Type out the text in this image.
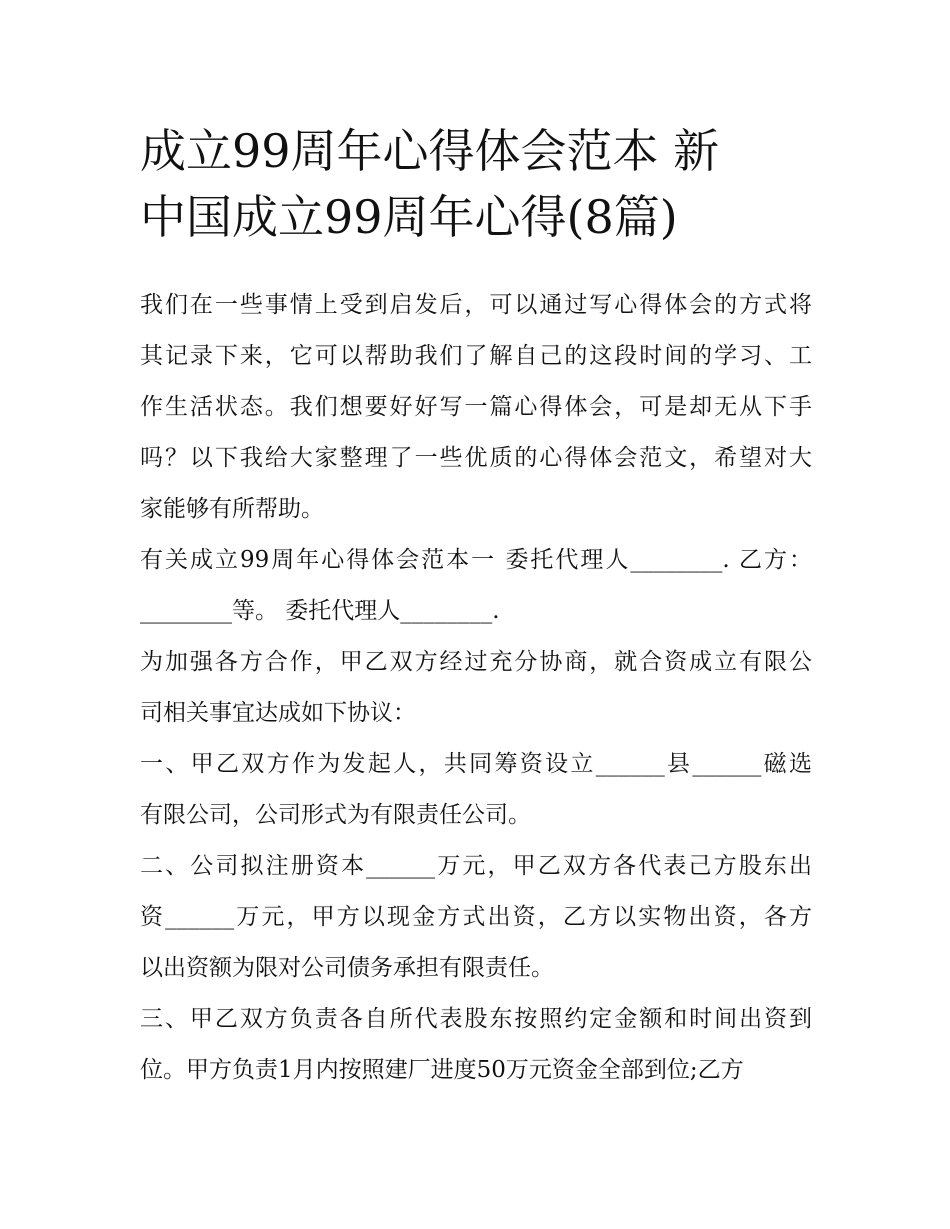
成立99周年心得体会范本 新
中国成立99周年心得(8篇)
我们在一些事情上受到启发后，可以通过写心得体会的方式将
其记录下来，它可以帮助我们了解自己的这段时间的学习、工
作生活状态。我们想要好好写一篇心得体会，可是却无从下手
吗？以下我给大家整理了一些优质的心得体会范文，希望对大
家能够有所帮助。
有关成立99周年心得体会范本一 委托代理人________. 乙方：
________等。 委托代理人________.
为加强各方合作，甲乙双方经过充分协商，就合资成立有限公
司相关事宜达成如下协议：
一、甲乙双方作为发起人，共同筹资设立______县______磁选
有限公司，公司形式为有限责任公司。
二、公司拟注册资本______万元，甲乙双方各代表己方股东出
资______万元，甲方以现金方式出资，乙方以实物出资，各方
以出资额为限对公司债务承担有限责任。
三、甲乙双方负责各自所代表股东按照约定金额和时间出资到
位。甲方负责1月内按照建厂进度50万元资金全部到位;乙方
